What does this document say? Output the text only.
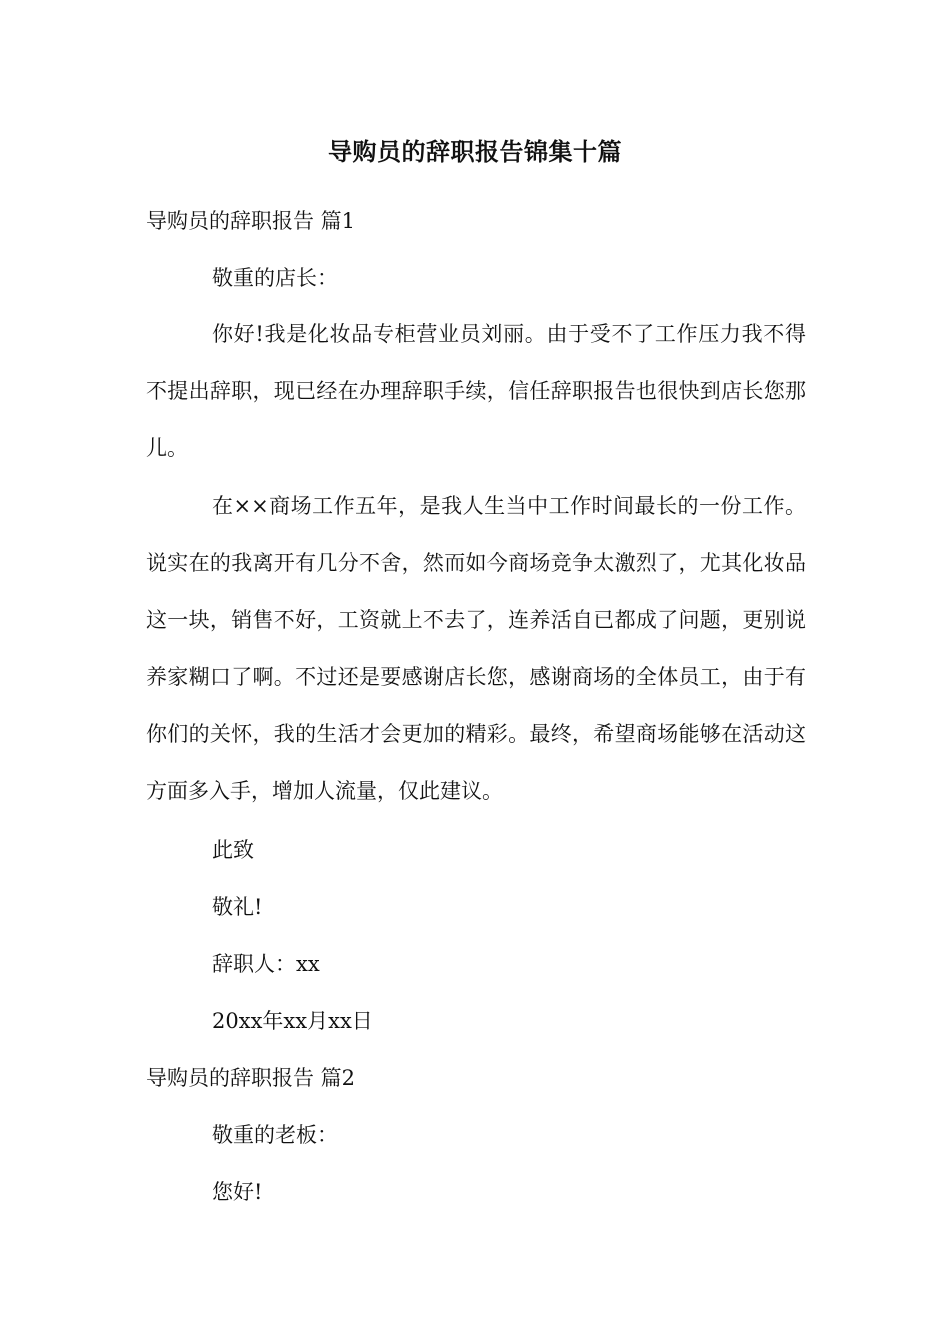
导购员的辞职报告锦集十篇
导购员的辞职报告 篇1
敬重的店长：
你好!我是化妆品专柜营业员刘丽。由于受不了工作压力我不得不提出辞职，现已经在办理辞职手续，信任辞职报告也很快到店长您那儿。
在××商场工作五年，是我人生当中工作时间最长的一份工作。说实在的我离开有几分不舍，然而如今商场竞争太激烈了，尤其化妆品这一块，销售不好，工资就上不去了，连养活自已都成了问题，更别说养家糊口了啊。不过还是要感谢店长您，感谢商场的全体员工，由于有你们的关怀，我的生活才会更加的精彩。最终，希望商场能够在活动这方面多入手，增加人流量，仅此建议。
此致
敬礼!
辞职人：xx
20xx年xx月xx日
导购员的辞职报告 篇2
敬重的老板：
您好!
